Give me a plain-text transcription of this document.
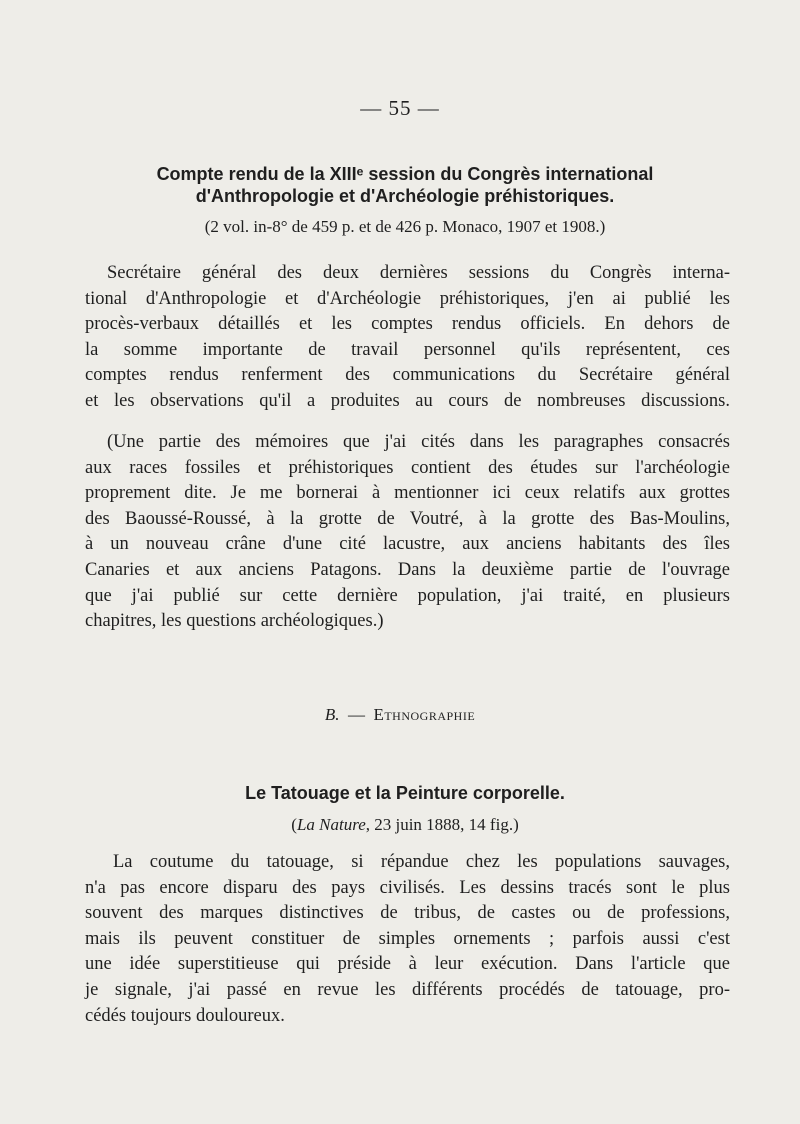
— 55 —
Compte rendu de la XIIIᵉ session du Congrès international
d'Anthropologie et d'Archéologie préhistoriques.
(2 vol. in-8° de 459 p. et de 426 p. Monaco, 1907 et 1908.)
Secrétaire général des deux dernières sessions du Congrès interna-
tional d'Anthropologie et d'Archéologie préhistoriques, j'en ai publié les
procès-verbaux détaillés et les comptes rendus officiels. En dehors de
la somme importante de travail personnel qu'ils représentent, ces
comptes rendus renferment des communications du Secrétaire général
et les observations qu'il a produites au cours de nombreuses discussions.
(Une partie des mémoires que j'ai cités dans les paragraphes consacrés
aux races fossiles et préhistoriques contient des études sur l'archéologie
proprement dite. Je me bornerai à mentionner ici ceux relatifs aux grottes
des Baoussé-Roussé, à la grotte de Voutré, à la grotte des Bas-Moulins,
à un nouveau crâne d'une cité lacustre, aux anciens habitants des îles
Canaries et aux anciens Patagons. Dans la deuxième partie de l'ouvrage
que j'ai publié sur cette dernière population, j'ai traité, en plusieurs
chapitres, les questions archéologiques.)
B. — Ethnographie
Le Tatouage et la Peinture corporelle.
(La Nature, 23 juin 1888, 14 fig.)
La coutume du tatouage, si répandue chez les populations sauvages,
n'a pas encore disparu des pays civilisés. Les dessins tracés sont le plus
souvent des marques distinctives de tribus, de castes ou de professions,
mais ils peuvent constituer de simples ornements ; parfois aussi c'est
une idée superstitieuse qui préside à leur exécution. Dans l'article que
je signale, j'ai passé en revue les différents procédés de tatouage, pro-
cédés toujours douloureux.
